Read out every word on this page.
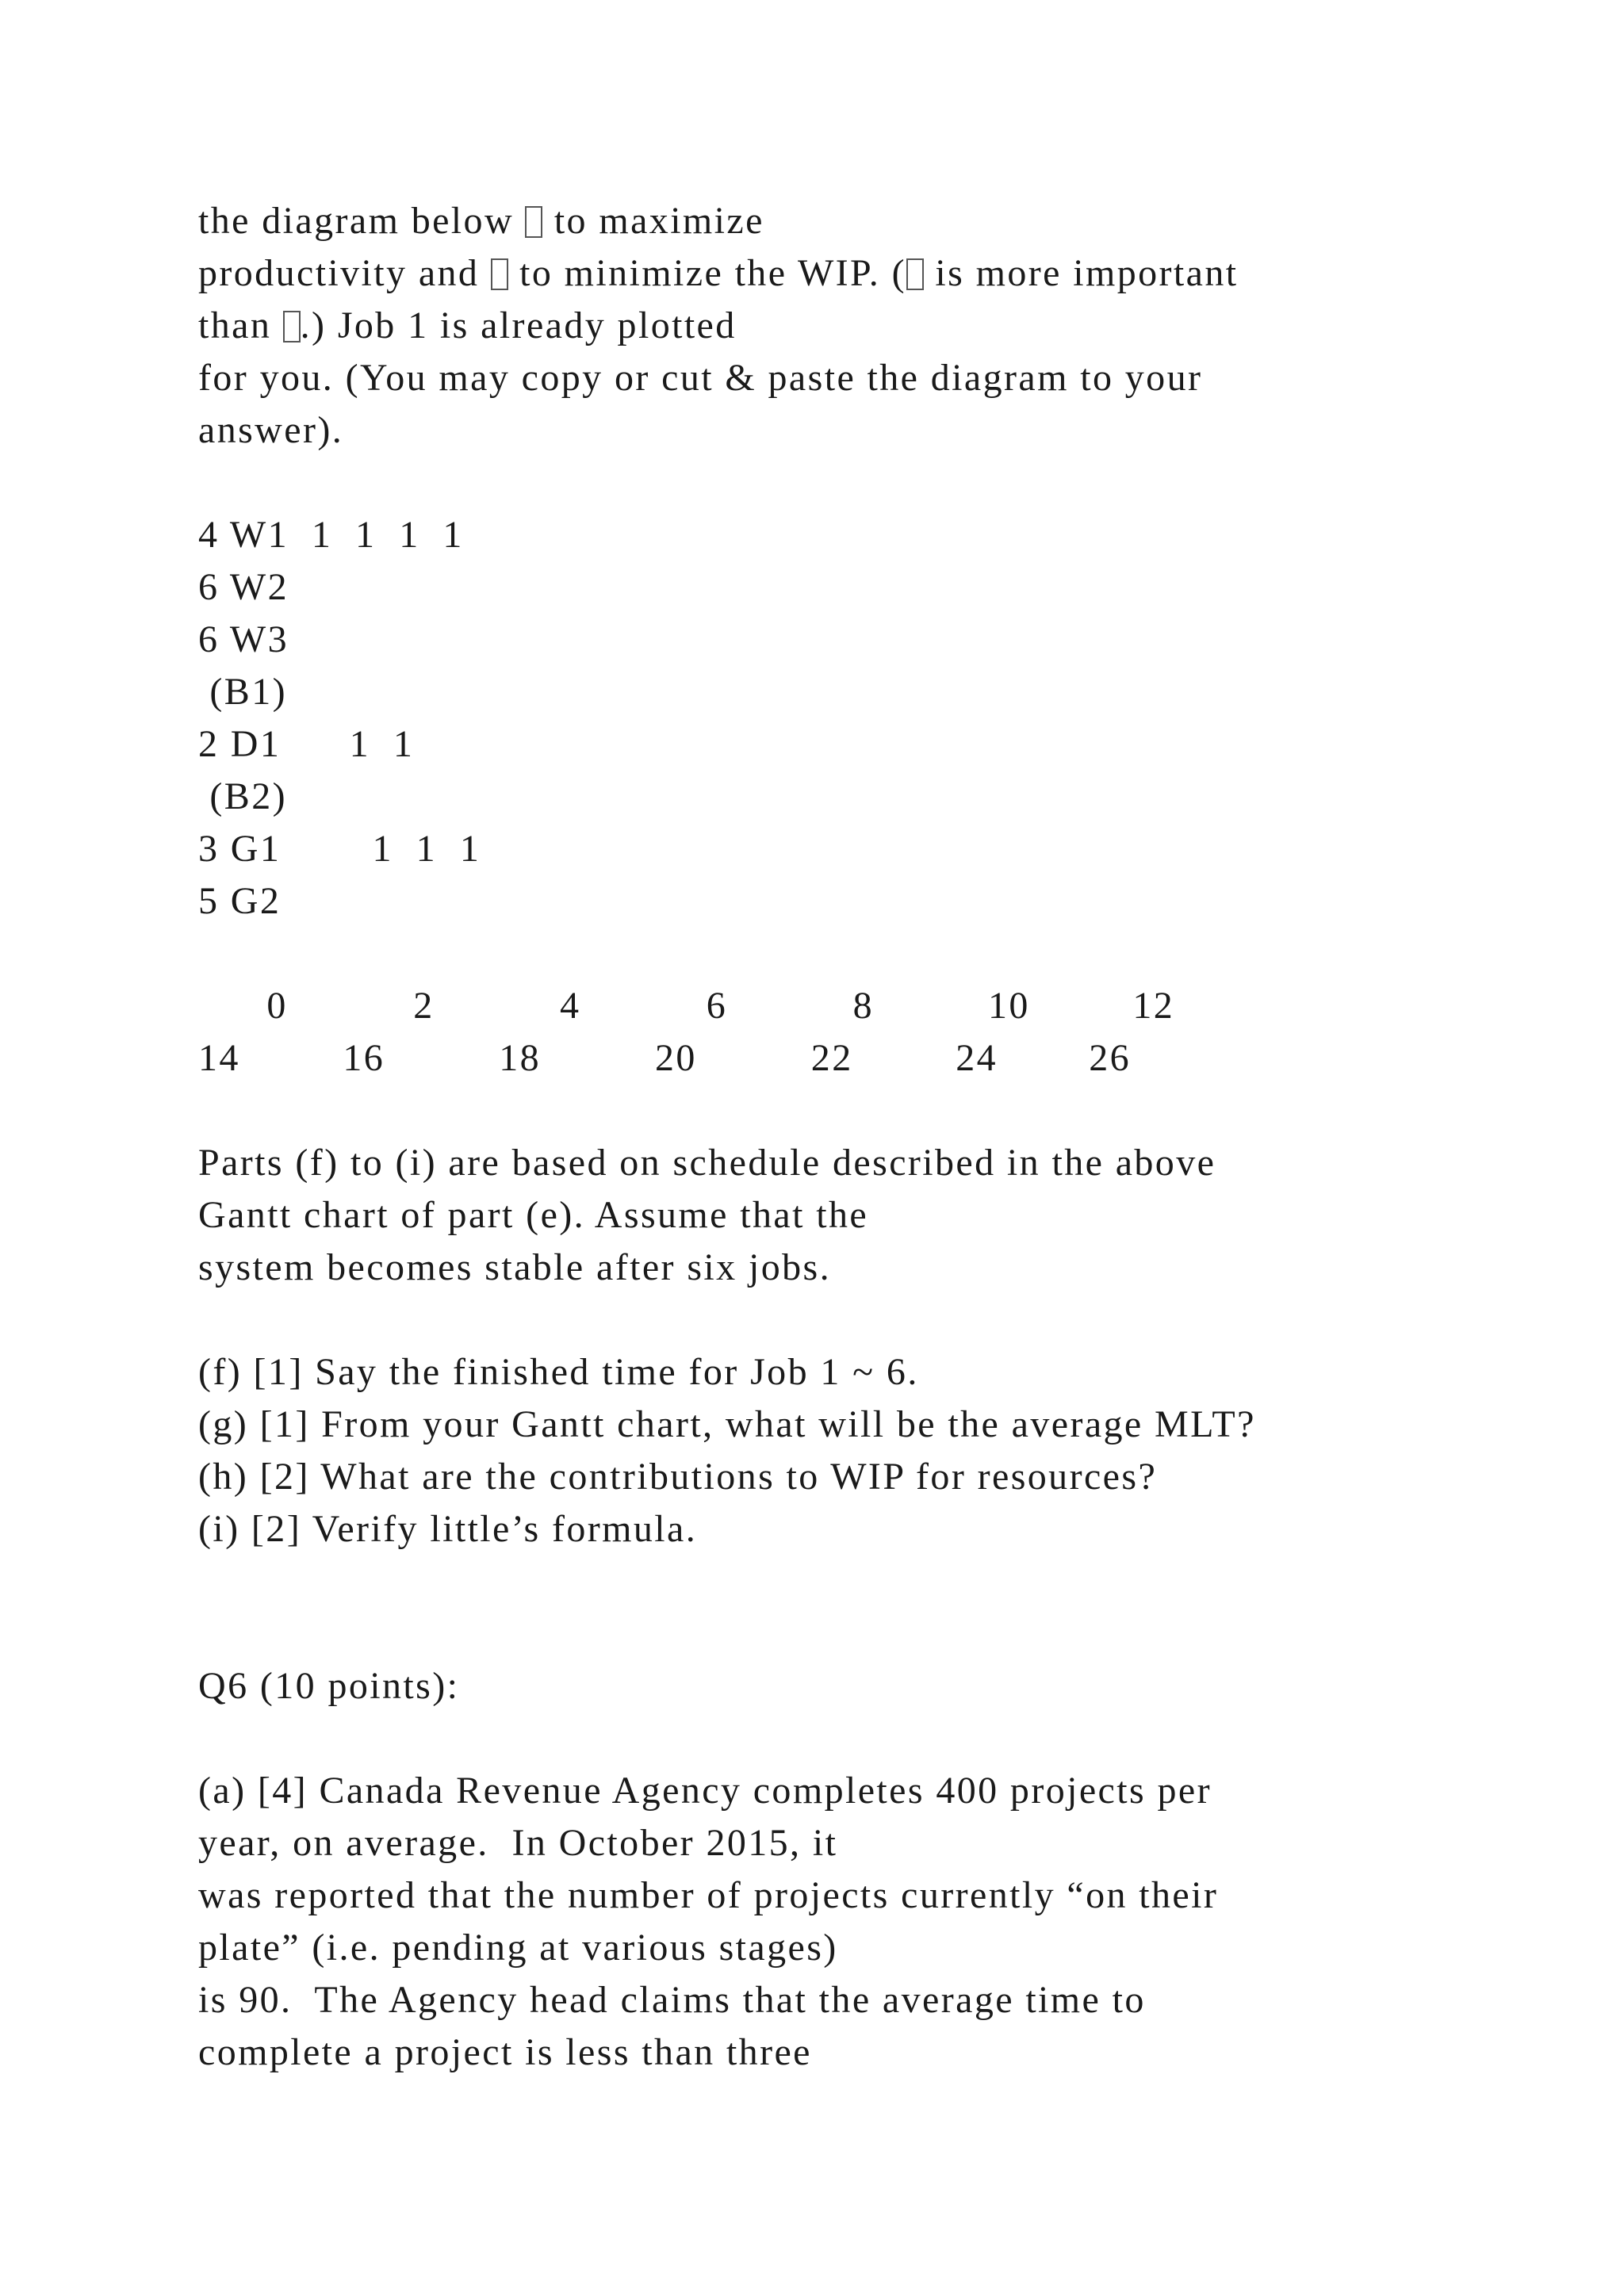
the diagram below  to maximize
productivity and  to minimize the WIP. ( is more important
than .) Job 1 is already plotted
for you. (You may copy or cut & paste the diagram to your
answer).
4 W1  1  1  1  1
6 W2
6 W3
(B1)
2 D1      1  1
(B2)
3 G1        1  1  1
5 G2
0           2           4           6           8          10         12
14         16          18          20          22         24        26
Parts (f) to (i) are based on schedule described in the above
Gantt chart of part (e). Assume that the
system becomes stable after six jobs.
(f) [1] Say the finished time for Job 1 ~ 6.
(g) [1] From your Gantt chart, what will be the average MLT?
(h) [2] What are the contributions to WIP for resources?
(i) [2] Verify little’s formula.
Q6 (10 points):
(a) [4] Canada Revenue Agency completes 400 projects per
year, on average.  In October 2015, it
was reported that the number of projects currently “on their
plate” (i.e. pending at various stages)
is 90.  The Agency head claims that the average time to
complete a project is less than three
